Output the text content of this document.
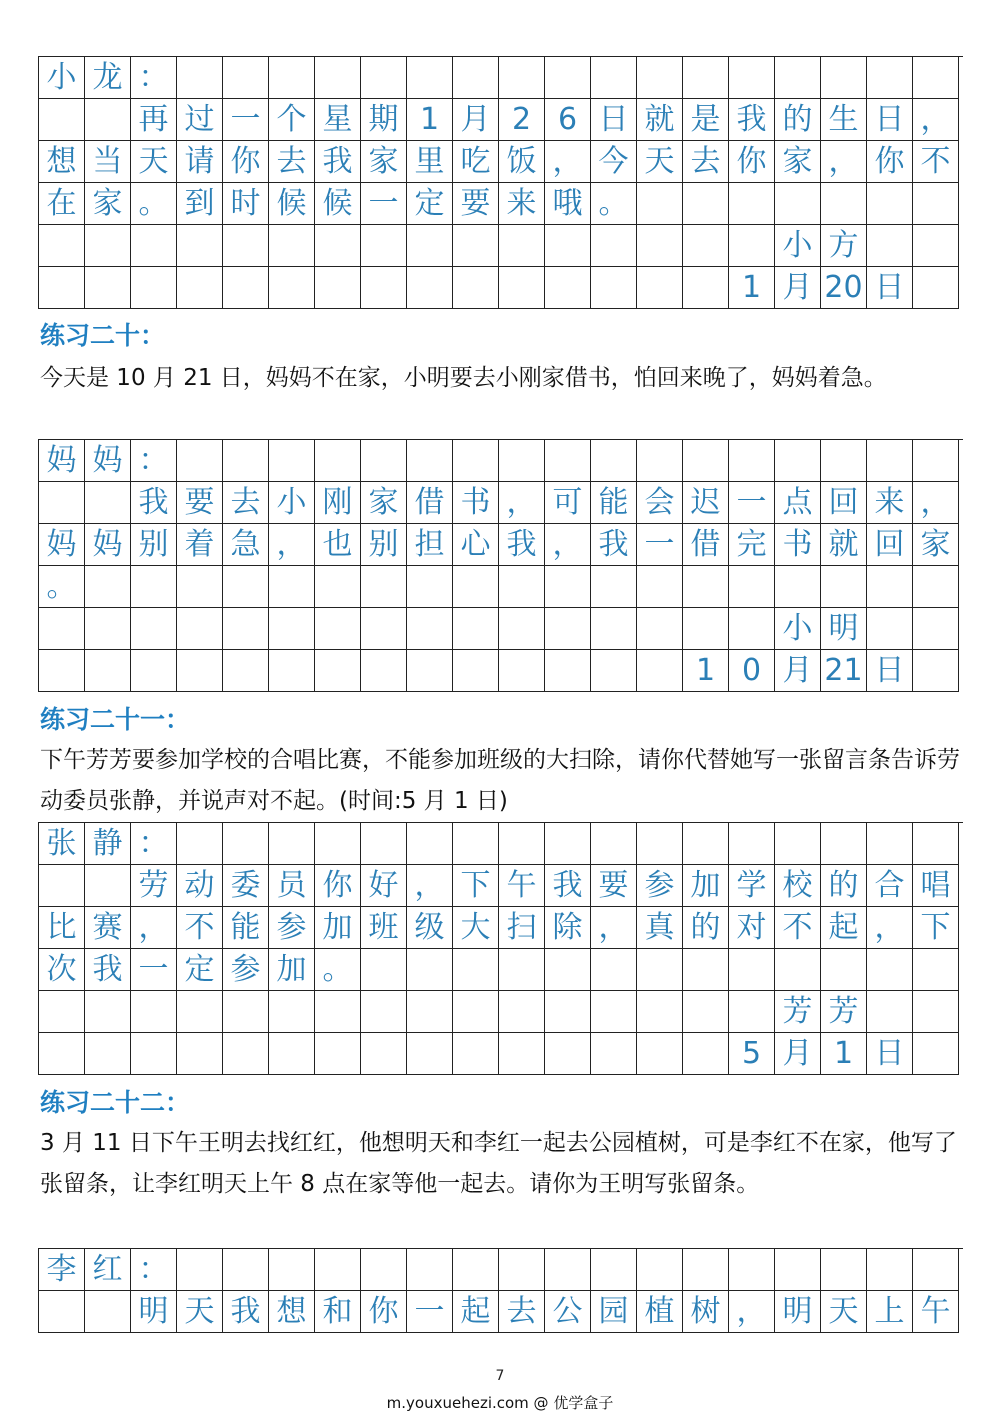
小 龙 ：
再 过 一 个 星 期 1 月 2 6 日 就 是 我 的 生 日 ，
想 当 天 请 你 去 我 家 里 吃 饭 ， 今 天 去 你 家 ， 你 不
在 家 。 到 时 候 候 一 定 要 来 哦 。
小 方
1 月 20 日
练习二十：
今天是 10 月 21 日，妈妈不在家，小明要去小刚家借书，怕回来晚了，妈妈着急。
妈 妈 ：
我 要 去 小 刚 家 借 书 ， 可 能 会 迟 一 点 回 来 ，
妈 妈 别 着 急 ， 也 别 担 心 我 ， 我 一 借 完 书 就 回 家
。
小 明
1 0 月 21 日
练习二十一：
下午芳芳要参加学校的合唱比赛，不能参加班级的大扫除，请你代替她写一张留言条告诉劳动委员张静，并说声对不起。(时间:5 月 1 日)
张 静 ：
劳 动 委 员 你 好 ， 下 午 我 要 参 加 学 校 的 合 唱
比 赛 ， 不 能 参 加 班 级 大 扫 除 ， 真 的 对 不 起 ， 下
次 我 一 定 参 加 。
芳 芳
5 月 1 日
练习二十二：
3 月 11 日下午王明去找红红，他想明天和李红一起去公园植树，可是李红不在家，他写了张留条，让李红明天上午 8 点在家等他一起去。请你为王明写张留条。
李 红 ：
明 天 我 想 和 你 一 起 去 公 园 植 树 ， 明 天 上 午
7
m.youxuehezi.com @ 优学盒子
